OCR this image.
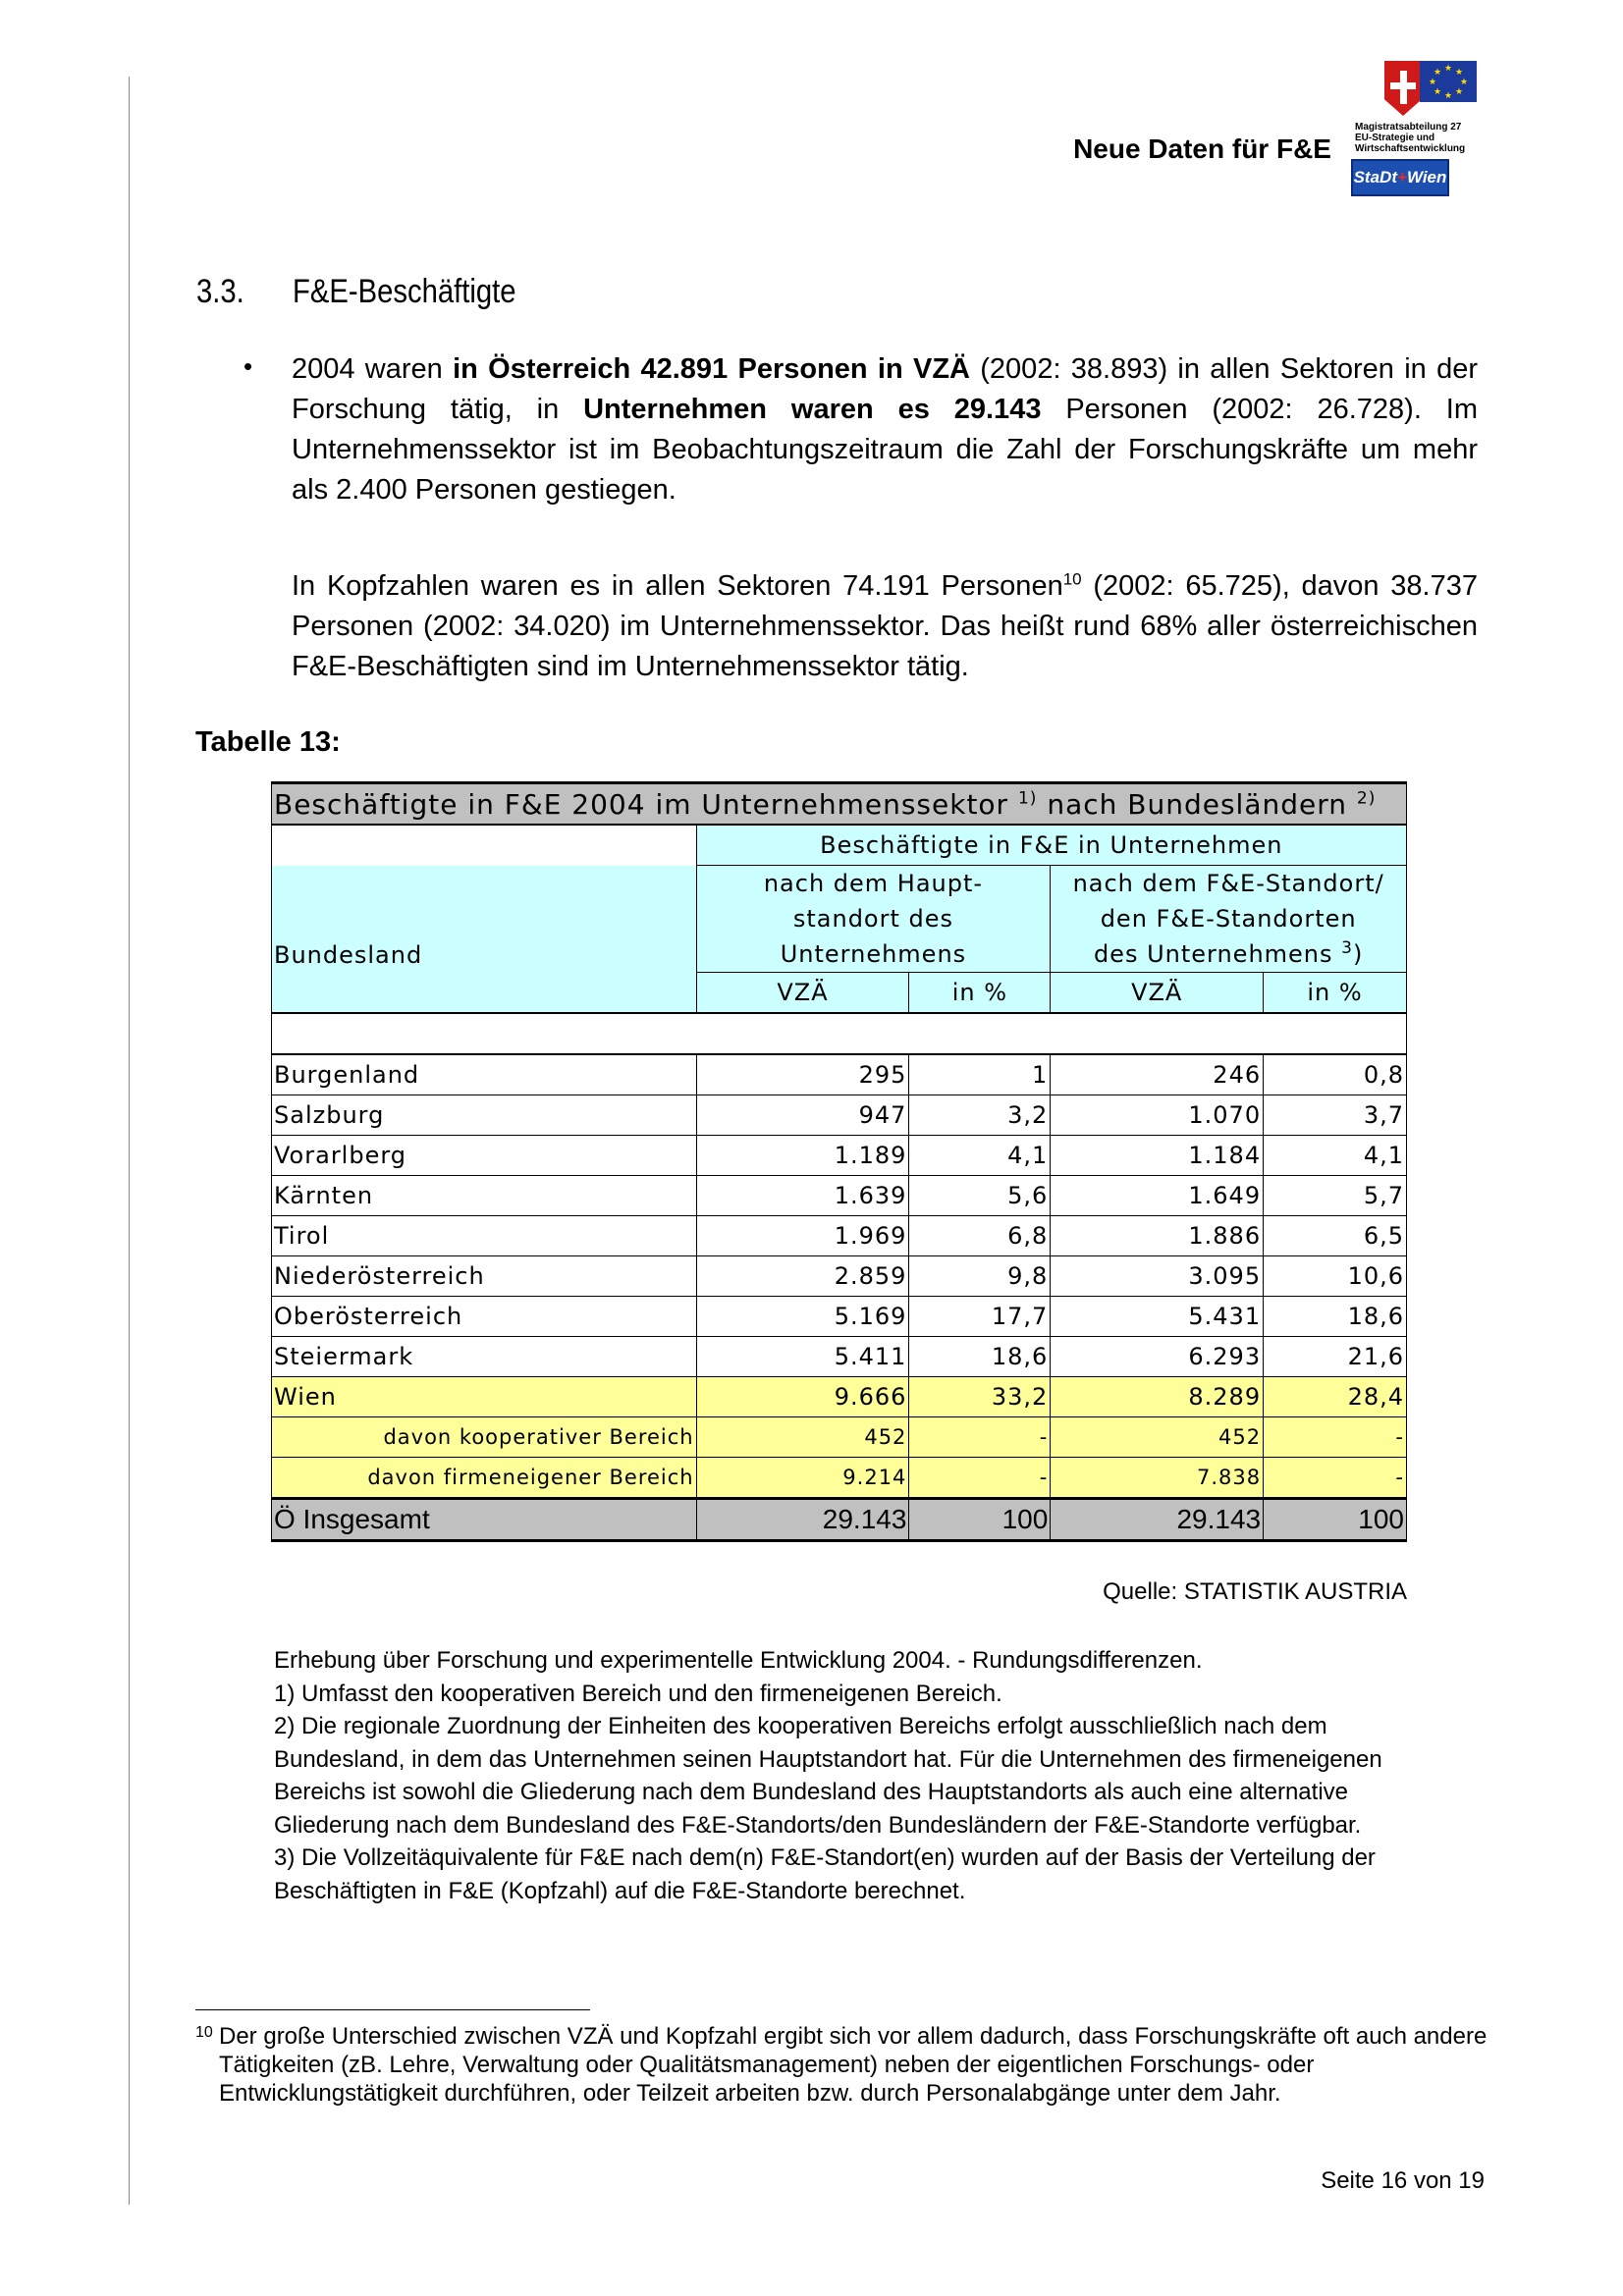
Neue Daten für F&E
★ ★
★
★
★
★
★
★
Magistratsabteilung 27
EU-Strategie und
Wirtschaftsentwicklung
StaDt+Wien
3.3. F&E-Beschäftigte
• 2004 waren in Österreich 42.891 Personen in VZÄ (2002: 38.893) in allen Sektoren in der Forschung tätig, in Unternehmen waren es 29.143 Personen (2002: 26.728). Im Unternehmenssektor ist im Beobachtungszeitraum die Zahl der Forschungskräfte um mehr als 2.400 Personen gestiegen.
In Kopfzahlen waren es in allen Sektoren 74.191 Personen$^{10}$ (2002: 65.725), davon 38.737 Personen (2002: 34.020) im Unternehmenssektor. Das heißt rund 68% aller österreichischen F&E-Beschäftigten sind im Unternehmenssektor tätig.
Tabelle 13:
Beschäftigte in F&E 2004 im Unternehmenssektor $^{1)}$ nach Bundesländern $^{2)}$
	Beschäftigte in F&E in Unternehmen			
Bundesland	nach dem Haupt-		nach dem F&E-Standort/	
	standort des		den F&E-Standorten	
	Unternehmens		des Unternehmens $^3$)	
	VZÄ	in %	VZÄ	in %

Burgenland	295	1	246	0,8
Salzburg	947	3,2	1.070	3,7
Vorarlberg	1.189	4,1	1.184	4,1
Kärnten	1.639	5,6	1.649	5,7
Tirol	1.969	6,8	1.886	6,5
Niederösterreich	2.859	9,8	3.095	10,6
Oberösterreich	5.169	17,7	5.431	18,6
Steiermark	5.411	18,6	6.293	21,6
Wien	9.666	33,2	8.289	28,4
davon kooperativer Bereich	452	-	452	-
davon firmeneigener Bereich	9.214	-	7.838	-
Ö Insgesamt	29.143	100	29.143	100
Quelle: STATISTIK AUSTRIA
Erhebung über Forschung und experimentelle Entwicklung 2004. - Rundungsdifferenzen.
1) Umfasst den kooperativen Bereich und den firmeneigenen Bereich.
2) Die regionale Zuordnung der Einheiten des kooperativen Bereichs erfolgt ausschließlich nach dem Bundesland, in dem das Unternehmen seinen Hauptstandort hat. Für die Unternehmen des firmeneigenen Bereichs ist sowohl die Gliederung nach dem Bundesland des Hauptstandorts als auch eine alternative Gliederung nach dem Bundesland des F&E-Standorts/den Bundesländern der F&E-Standorte verfügbar.
3) Die Vollzeitäquivalente für F&E nach dem(n) F&E-Standort(en) wurden auf der Basis der Verteilung der Beschäftigten in F&E (Kopfzahl) auf die F&E-Standorte berechnet.
10 Der große Unterschied zwischen VZÄ und Kopfzahl ergibt sich vor allem dadurch, dass Forschungskräfte oft auch andere Tätigkeiten (zB. Lehre, Verwaltung oder Qualitätsmanagement) neben der eigentlichen Forschungs- oder Entwicklungstätigkeit durchführen, oder Teilzeit arbeiten bzw. durch Personalabgänge unter dem Jahr.
Seite 16 von 19
